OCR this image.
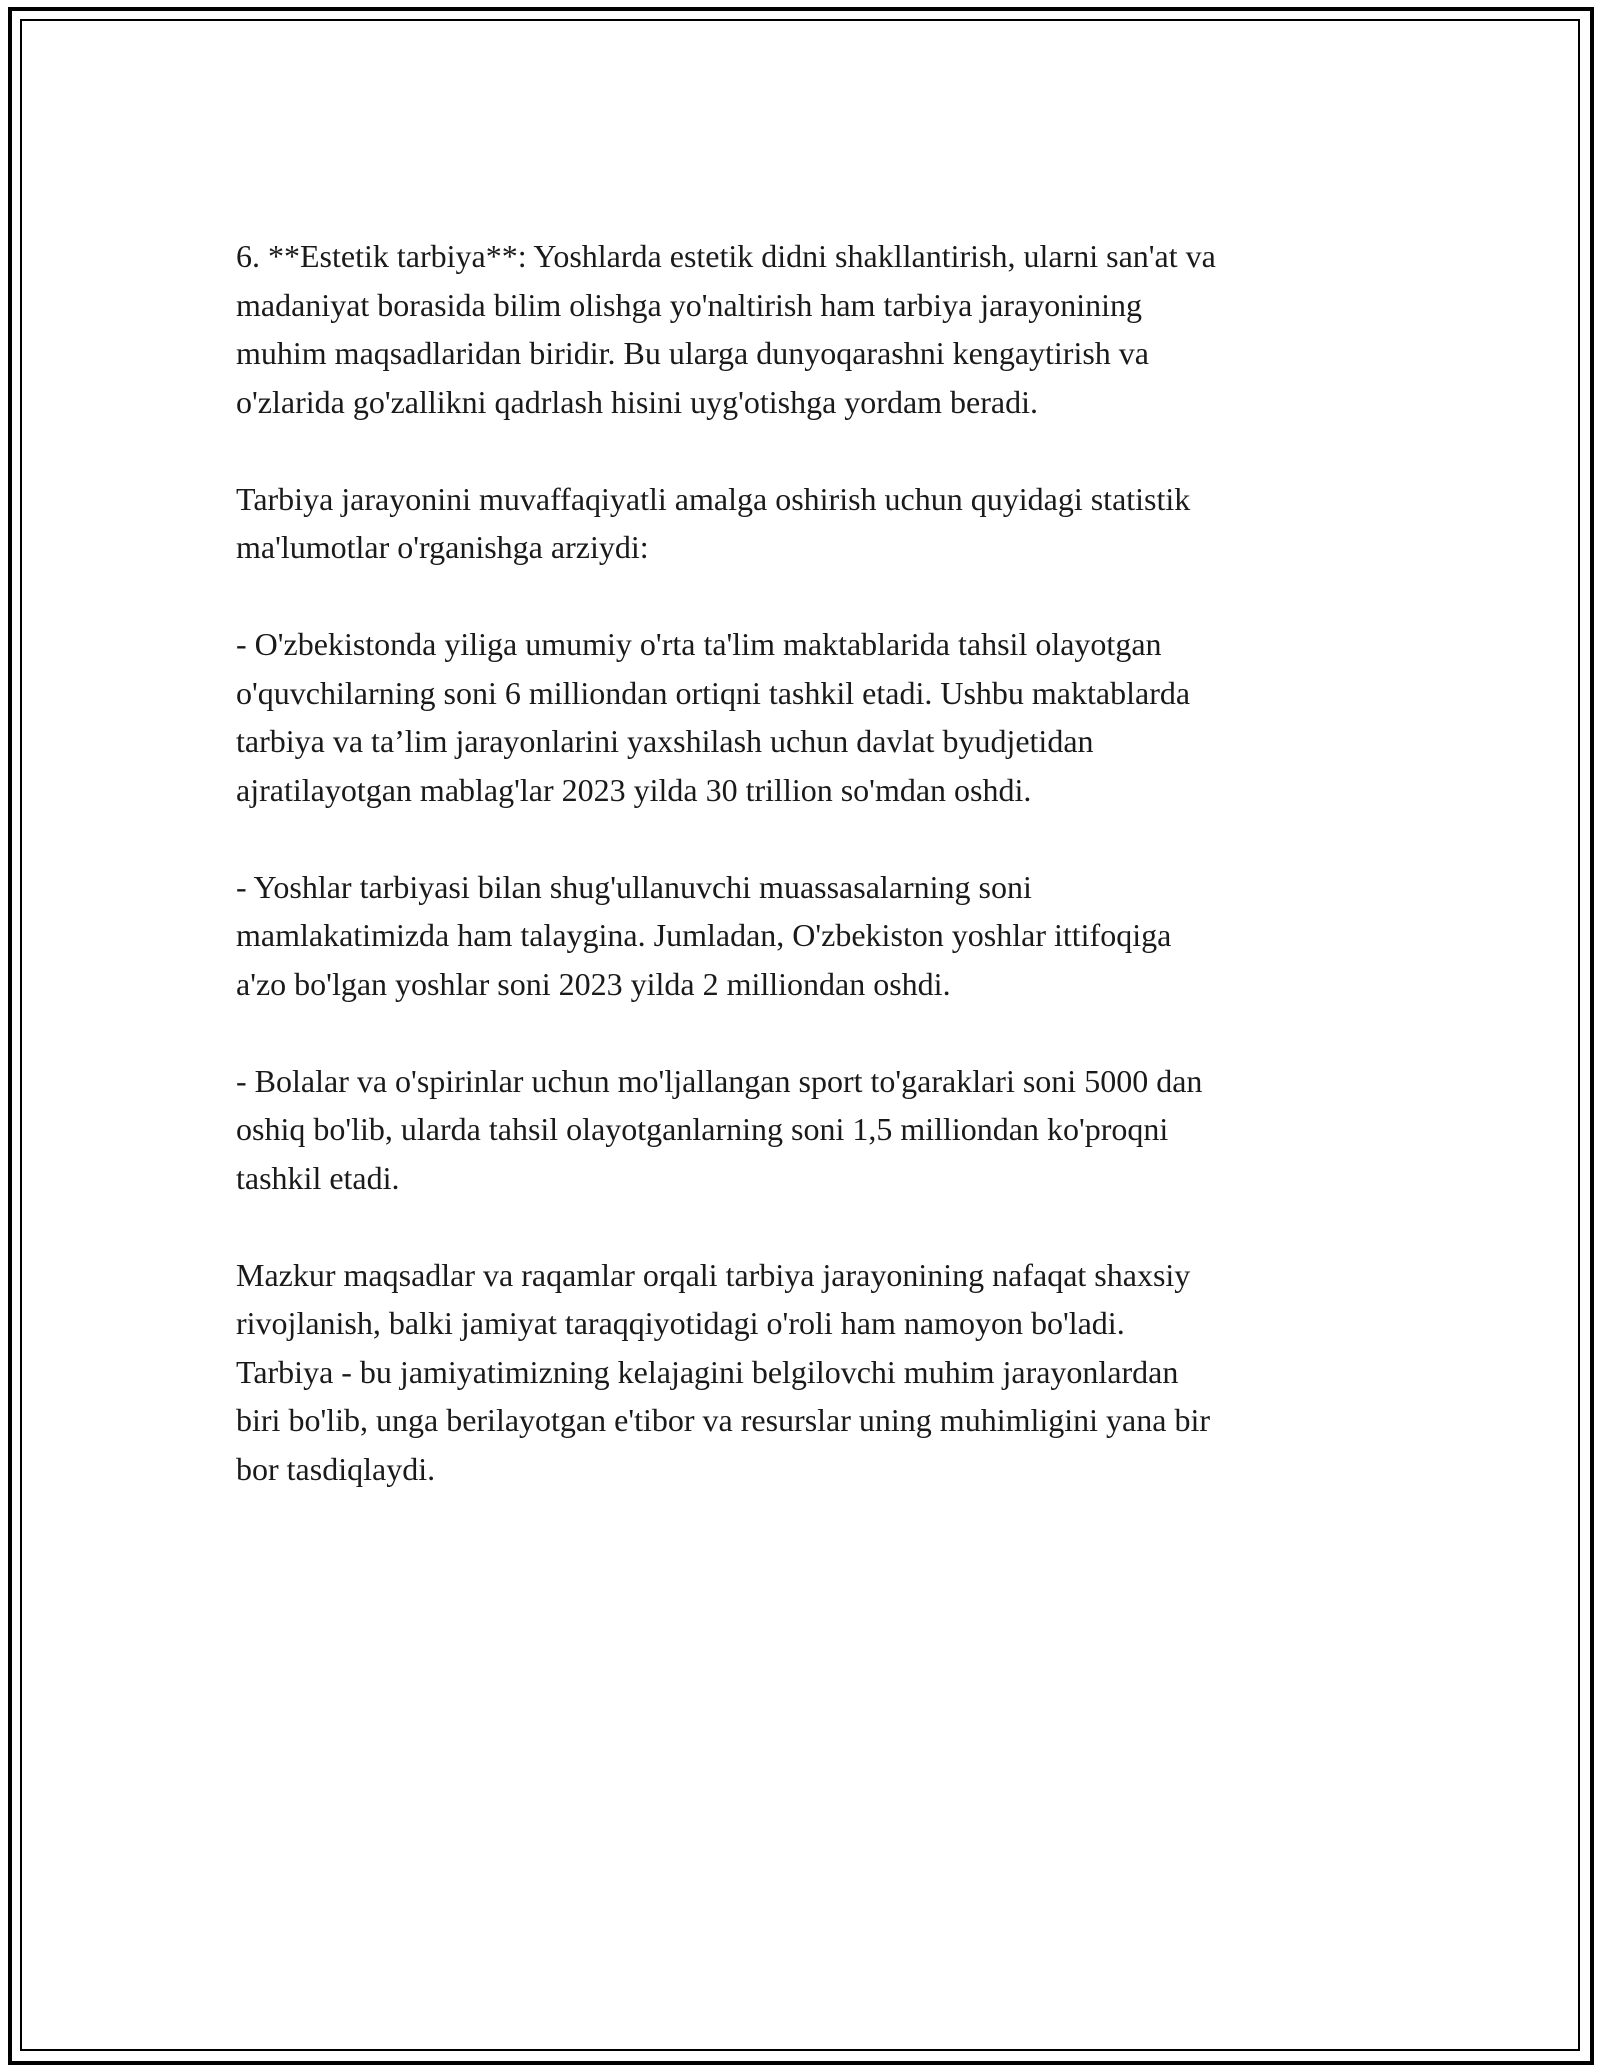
6. **Estetik tarbiya**: Yoshlarda estetik didni shakllantirish, ularni san'at va
madaniyat borasida bilim olishga yo'naltirish ham tarbiya jarayonining
muhim maqsadlaridan biridir. Bu ularga dunyoqarashni kengaytirish va
o'zlarida go'zallikni qadrlash hisini uyg'otishga yordam beradi.
Tarbiya jarayonini muvaffaqiyatli amalga oshirish uchun quyidagi statistik
ma'lumotlar o'rganishga arziydi:
- O'zbekistonda yiliga umumiy o'rta ta'lim maktablarida tahsil olayotgan
o'quvchilarning soni 6 milliondan ortiqni tashkil etadi. Ushbu maktablarda
tarbiya va ta’lim jarayonlarini yaxshilash uchun davlat byudjetidan
ajratilayotgan mablag'lar 2023 yilda 30 trillion so'mdan oshdi.
- Yoshlar tarbiyasi bilan shug'ullanuvchi muassasalarning soni
mamlakatimizda ham talaygina. Jumladan, O'zbekiston yoshlar ittifoqiga
a'zo bo'lgan yoshlar soni 2023 yilda 2 milliondan oshdi.
- Bolalar va o'spirinlar uchun mo'ljallangan sport to'garaklari soni 5000 dan
oshiq bo'lib, ularda tahsil olayotganlarning soni 1,5 milliondan ko'proqni
tashkil etadi.
Mazkur maqsadlar va raqamlar orqali tarbiya jarayonining nafaqat shaxsiy
rivojlanish, balki jamiyat taraqqiyotidagi o'roli ham namoyon bo'ladi.
Tarbiya - bu jamiyatimizning kelajagini belgilovchi muhim jarayonlardan
biri bo'lib, unga berilayotgan e'tibor va resurslar uning muhimligini yana bir
bor tasdiqlaydi.
